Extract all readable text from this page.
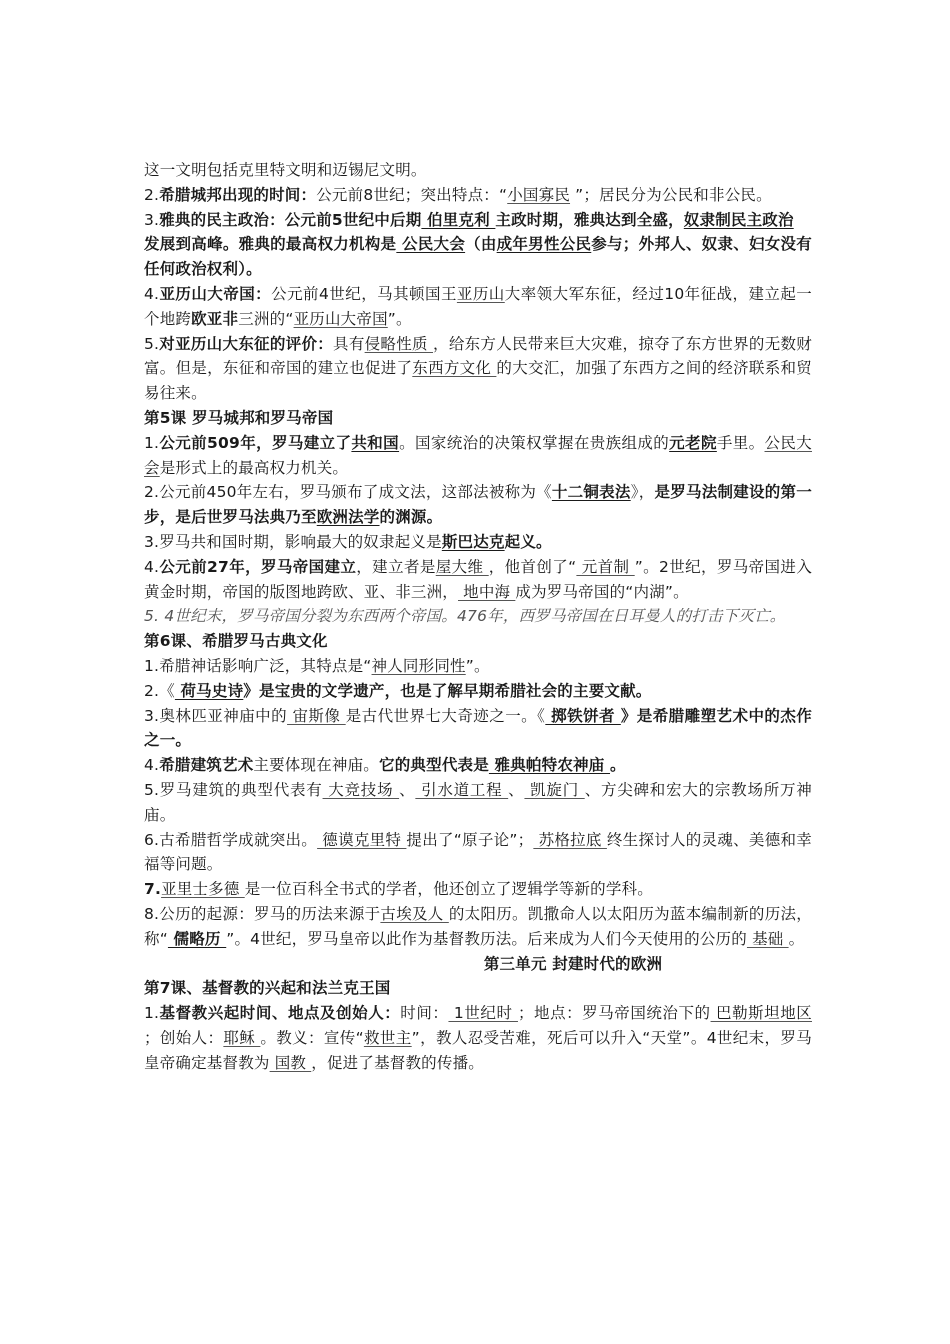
这一文明包括克里特文明和迈锡尼文明。

2.希腊城邦出现的时间：公元前8世纪；突出特点：“小国寡民 ”；居民分为公民和非公民。

3.雅典的民主政治：公元前5世纪中后期 伯里克利 主政时期，雅典达到全盛，奴隶制民主政治
发展到高峰。雅典的最高权力机构是 公民大会（由成年男性公民参与；外邦人、奴隶、妇女没有任何政治权利）。

4.亚历山大帝国：公元前4世纪，马其顿国王亚历山大率领大军东征，经过10年征战，建立起一个地跨欧亚非三洲的“亚历山大帝国”。

5.对亚历山大东征的评价：具有侵略性质 ，给东方人民带来巨大灾难，掠夺了东方世界的无数财富。但是，东征和帝国的建立也促进了东西方文化 的大交汇，加强了东西方之间的经济联系和贸易往来。

第5课 罗马城邦和罗马帝国

1.公元前509年，罗马建立了共和国。国家统治的决策权掌握在贵族组成的元老院手里。公民大会是形式上的最高权力机关。

2.公元前450年左右，罗马颁布了成文法，这部法被称为《十二铜表法》，是罗马法制建设的第一步，是后世罗马法典乃至欧洲法学的渊源。

3.罗马共和国时期，影响最大的奴隶起义是斯巴达克起义。

4.公元前27年，罗马帝国建立，建立者是屋大维 ，他首创了“ 元首制 ”。2世纪，罗马帝国进入黄金时期，帝国的版图地跨欧、亚、非三洲， 地中海 成为罗马帝国的“内湖”。

5. 4世纪末，罗马帝国分裂为东西两个帝国。476年，西罗马帝国在日耳曼人的打击下灭亡。

第6课、希腊罗马古典文化

1.希腊神话影响广泛，其特点是“神人同形同性”。

2.《 荷马史诗》是宝贵的文学遗产，也是了解早期希腊社会的主要文献。

3.奥林匹亚神庙中的 宙斯像 是古代世界七大奇迹之一。《 掷铁饼者 》是希腊雕塑艺术中的杰作之一。

4.希腊建筑艺术主要体现在神庙。它的典型代表是 雅典帕特农神庙 。

5.罗马建筑的典型代表有 大竞技场 、 引水道工程 、 凯旋门 、方尖碑和宏大的宗教场所万神庙。

6.古希腊哲学成就突出。 德谟克里特 提出了“原子论”； 苏格拉底 终生探讨人的灵魂、美德和幸福等问题。

7.亚里士多德 是一位百科全书式的学者，他还创立了逻辑学等新的学科。

8.公历的起源：罗马的历法来源于古埃及人 的太阳历。凯撒命人以太阳历为蓝本编制新的历法，称“ 儒略历 ”。4世纪，罗马皇帝以此作为基督教历法。后来成为人们今天使用的公历的 基础 。

第三单元 封建时代的欧洲

第7课、基督教的兴起和法兰克王国

1.基督教兴起时间、地点及创始人：时间： 1世纪时 ；地点：罗马帝国统治下的 巴勒斯坦地区 ；创始人：耶稣 。教义：宣传“救世主”，教人忍受苦难，死后可以升入“天堂”。4世纪末，罗马皇帝确定基督教为 国教 ，促进了基督教的传播。
